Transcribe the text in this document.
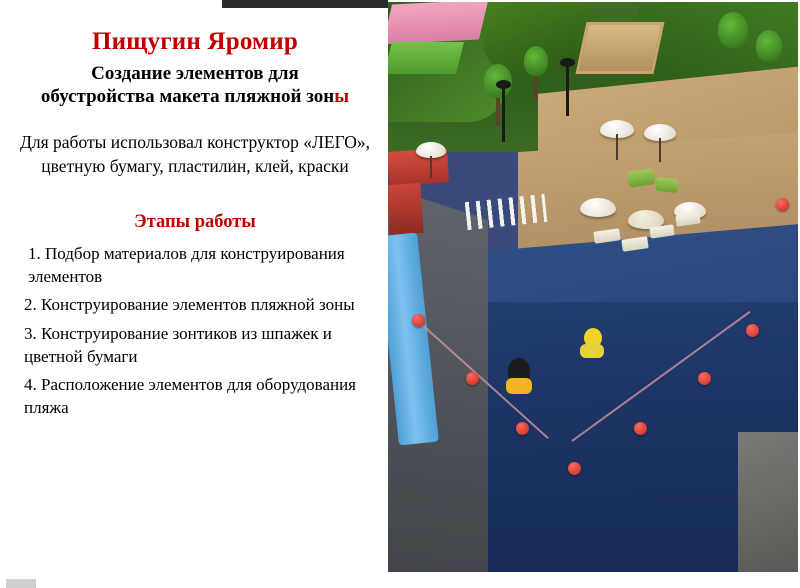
Пищугин Яромир
Создание элементов для
обустройства макета пляжной зоны
Для работы использовал конструктор «ЛЕГО», цветную бумагу, пластилин, клей, краски
Этапы работы
1. Подбор материалов для конструирования элементов
2. Конструирование элементов пляжной зоны
3. Конструирование зонтиков из шпажек и цветной бумаги
4. Расположение элементов для оборудования пляжа
